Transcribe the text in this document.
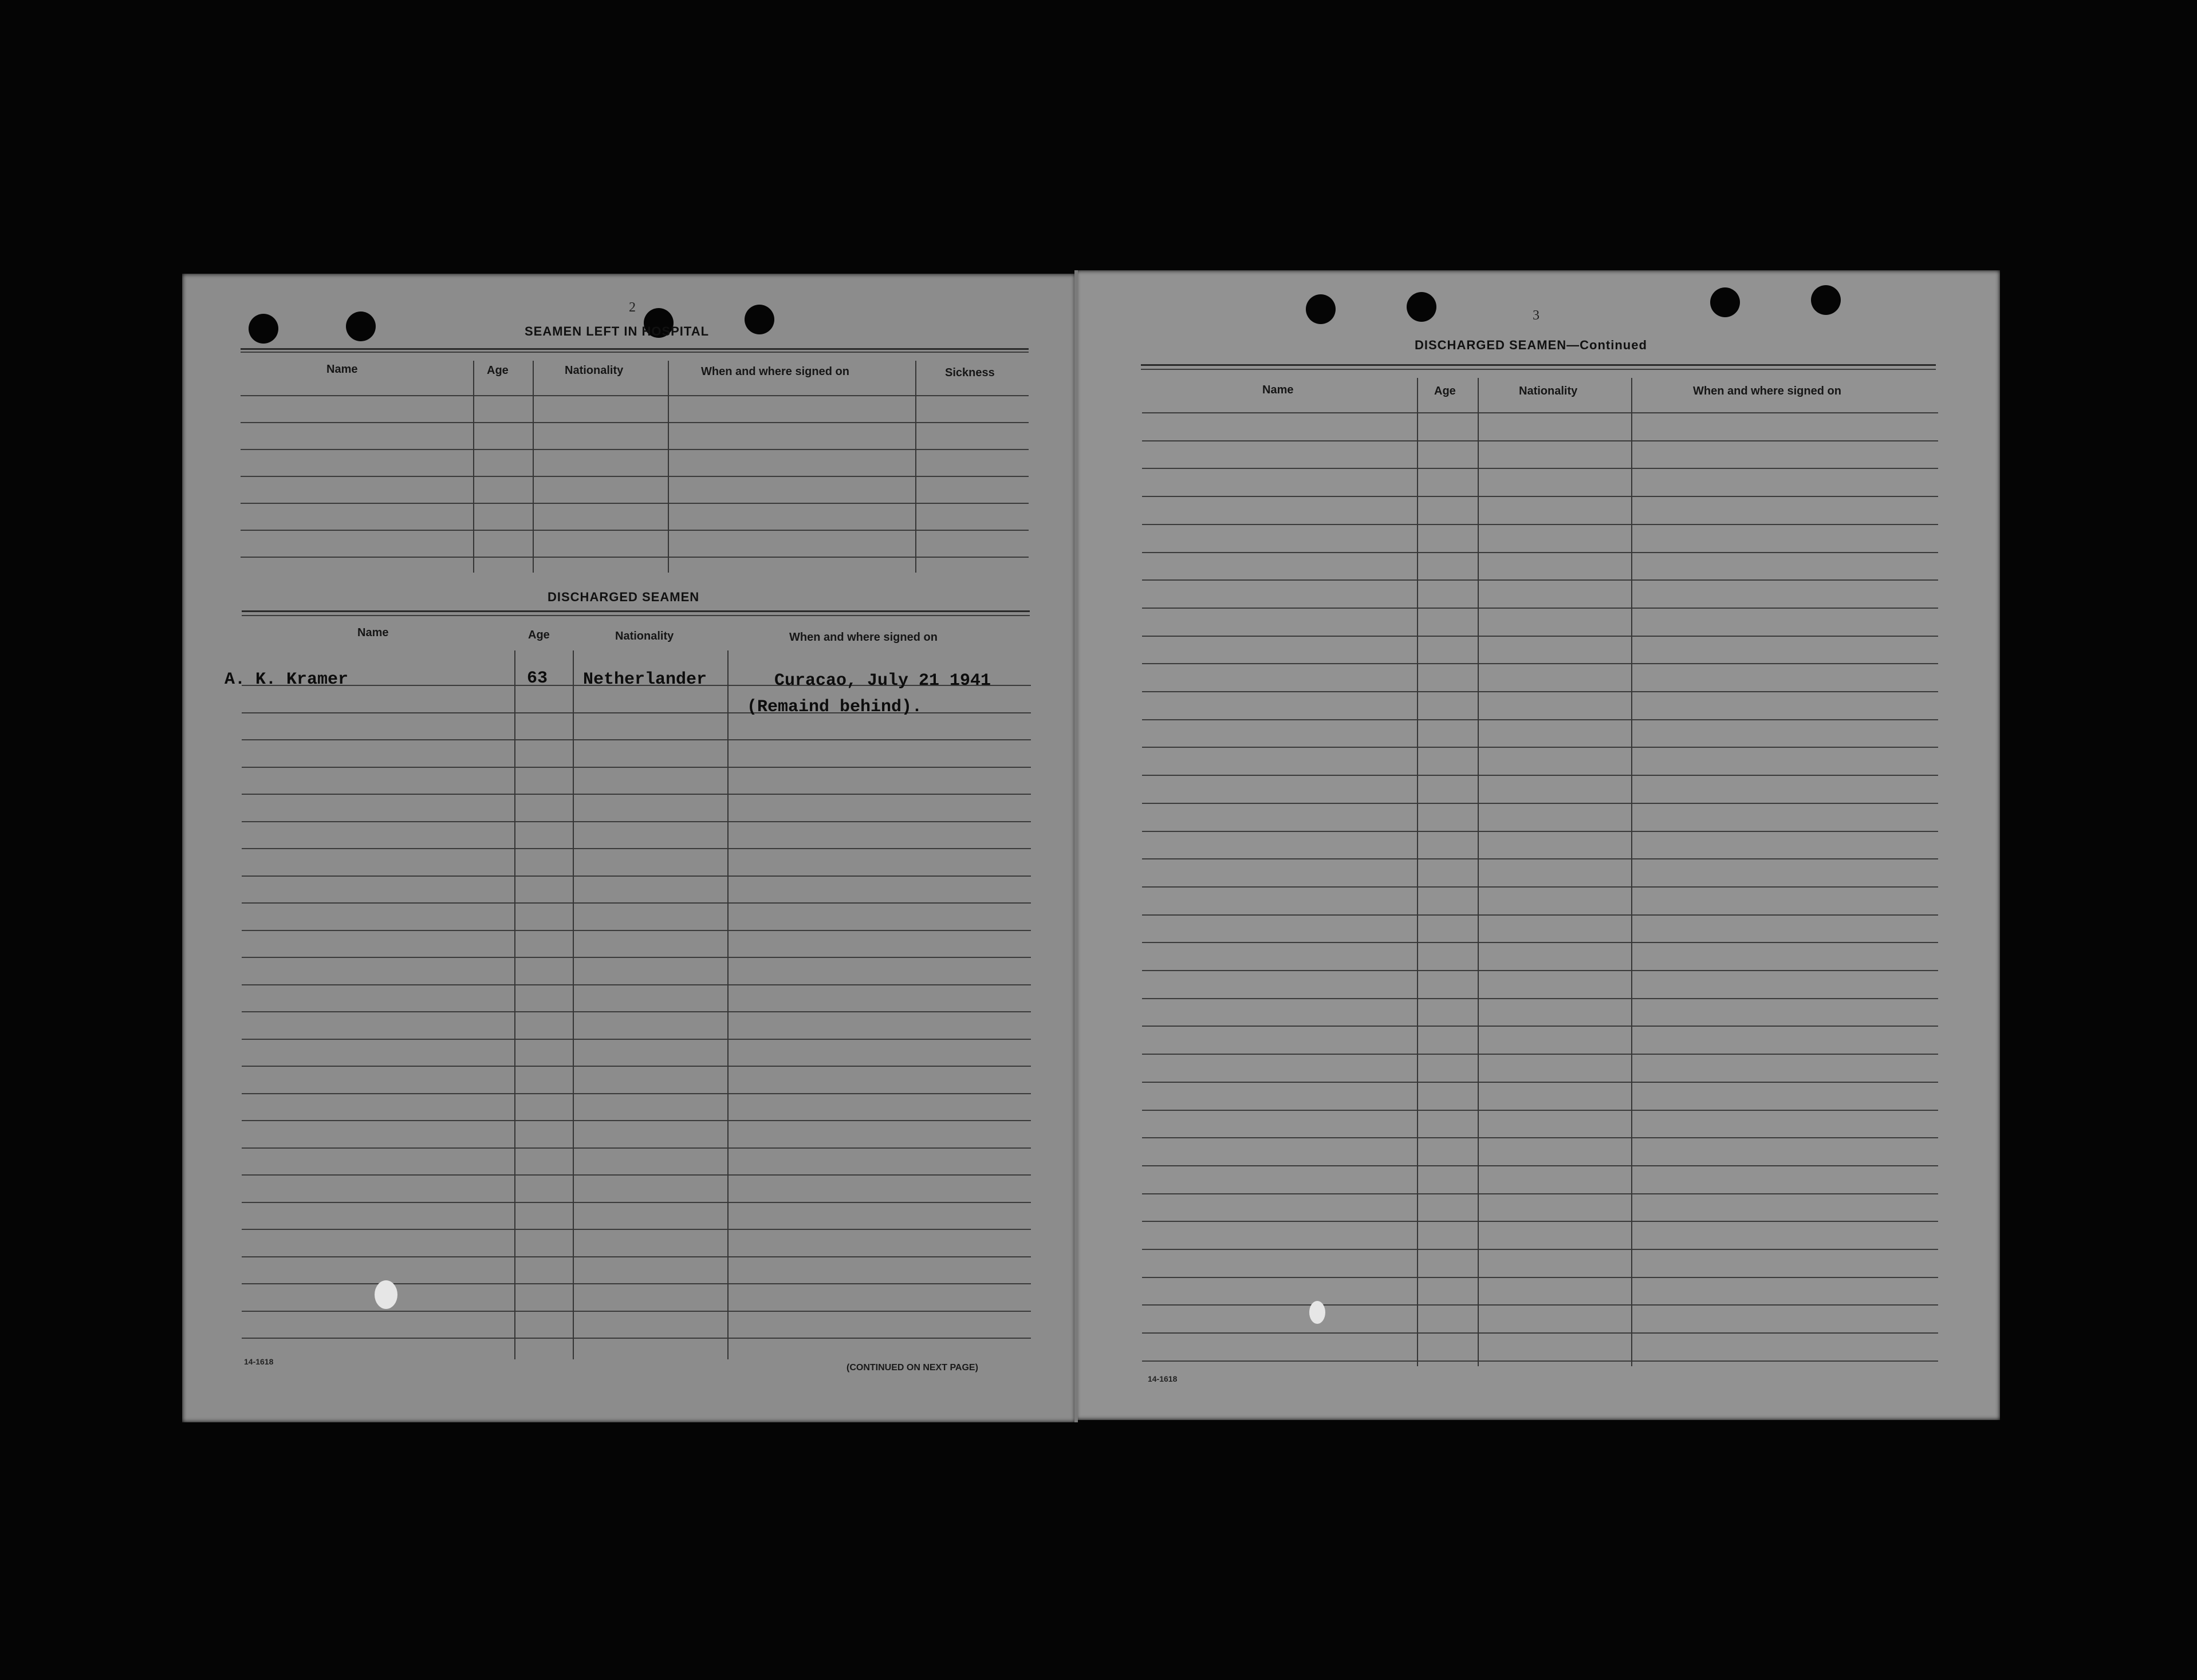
2
SEAMEN LEFT IN HOSPITAL
Name	Age	Nationality	When and where signed on	Sickness
DISCHARGED SEAMEN
Name	Age	Nationality	When and where signed on
A. K. Kramer	63 Netherlander	Curacao, July 21 1941
(Remaind behind).
14-1618
(CONTINUED ON NEXT PAGE)
3
DISCHARGED SEAMEN—Continued
Name	Age	Nationality	When and where signed on
14-1618
